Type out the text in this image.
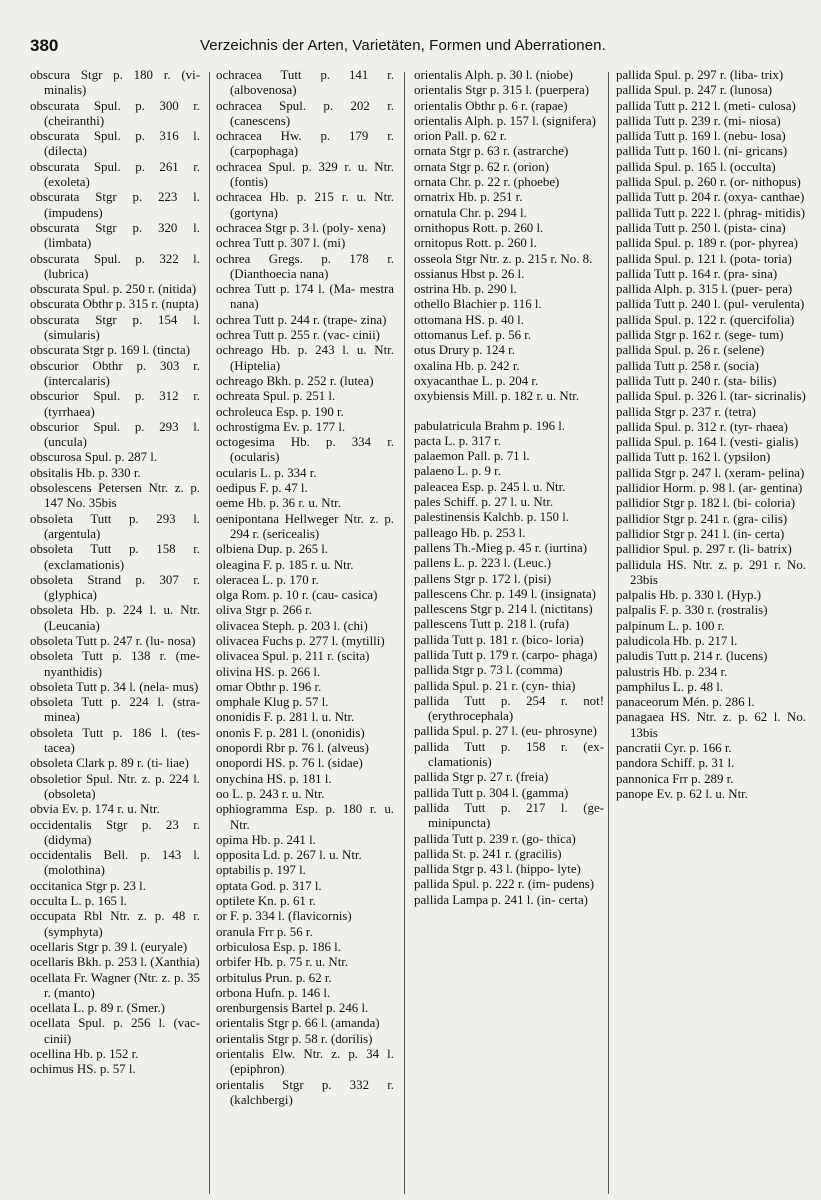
380	Verzeichnis der Arten, Varietäten, Formen und Aberrationen.
obscura Stgr p. 180 r. (vi- minalis)
obscurata Spul. p. 300 r. (cheiranthi)
obscurata Spul. p. 316 l. (dilecta)
obscurata Spul. p. 261 r. (exoleta)
obscurata Stgr p. 223 l. (impudens)
obscurata Stgr p. 320 l. (limbata)
obscurata Spul. p. 322 l. (lubrica)
obscurata Spul. p. 250 r. (nitida)
obscurata Obthr p. 315 r. (nupta)
obscurata Stgr p. 154 l. (simularis)
obscurata Stgr p. 169 l. (tincta)
obscurior Obthr p. 303 r. (intercalaris)
obscurior Spul. p. 312 r. (tyrrhaea)
obscurior Spul. p. 293 l. (uncula)
obscurosa Spul. p. 287 l.
obsitalis Hb. p. 330 r.
obsolescens Petersen Ntr. z. p. 147 No. 35bis
obsoleta Tutt p. 293 l. (argentula)
obsoleta Tutt p. 158 r. (exclamationis)
obsoleta Strand p. 307 r. (glyphica)
obsoleta Hb. p. 224 l. u. Ntr. (Leucania)
obsoleta Tutt p. 247 r. (lu- nosa)
obsoleta Tutt p. 138 r. (me- nyanthidis)
obsoleta Tutt p. 34 l. (nela- mus)
obsoleta Tutt p. 224 l. (stra- minea)
obsoleta Tutt p. 186 l. (tes- tacea)
obsoleta Clark p. 89 r. (ti- liae)
obsoletior Spul. Ntr. z. p. 224 l. (obsoleta)
obvia Ev. p. 174 r. u. Ntr.
occidentalis Stgr p. 23 r. (didyma)
occidentalis Bell. p. 143 l. (molothina)
occitanica Stgr p. 23 l.
occulta L. p. 165 l.
occupata Rbl Ntr. z. p. 48 r. (symphyta)
ocellaris Stgr p. 39 l. (euryale)
ocellaris Bkh. p. 253 l. (Xanthia)
ocellata Fr. Wagner (Ntr. z. p. 35 r. (manto)
ocellata L. p. 89 r. (Smer.)
ocellata Spul. p. 256 l. (vac- cinii)
ocellina Hb. p. 152 r.
ochimus HS. p. 57 l.
ochracea Tutt p. 141 r. (albovenosa)
ochracea Spul. p. 202 r. (canescens)
ochracea Hw. p. 179 r. (carpophaga)
ochracea Spul. p. 329 r. u. Ntr. (fontis)
ochracea Hb. p. 215 r. u. Ntr. (gortyna)
ochracea Stgr p. 3 l. (poly- xena)
ochrea Tutt p. 307 l. (mi)
ochrea Gregs. p. 178 r. (Dianthoecia nana)
ochrea Tutt p. 174 l. (Ma- mestra nana)
ochrea Tutt p. 244 r. (trape- zina)
ochrea Tutt p. 255 r. (vac- cinii)
ochreago Hb. p. 243 l. u. Ntr. (Hiptelia)
ochreago Bkh. p. 252 r. (lutea)
ochreata Spul. p. 251 l.
ochroleuca Esp. p. 190 r.
ochrostigma Ev. p. 177 l.
octogesima Hb. p. 334 r. (ocularis)
ocularis L. p. 334 r.
oedipus F. p. 47 l.
oeme Hb. p. 36 r. u. Ntr.
oenipontana Hellweger Ntr. z. p. 294 r. (sericealis)
olbiena Dup. p. 265 l.
oleagina F. p. 185 r. u. Ntr.
oleracea L. p. 170 r.
olga Rom. p. 10 r. (cau- casica)
oliva Stgr p. 266 r.
olivacea Steph. p. 203 l. (chi)
olivacea Fuchs p. 277 l. (mytilli)
olivacea Spul. p. 211 r. (scita)
olivina HS. p. 266 l.
omar Obthr p. 196 r.
omphale Klug p. 57 l.
ononidis F. p. 281 l. u. Ntr.
ononis F. p. 281 l. (ononidis)
onopordi Rbr p. 76 l. (alveus)
onopordi HS. p. 76 l. (sidae)
onychina HS. p. 181 l.
oo L. p. 243 r. u. Ntr.
ophiogramma Esp. p. 180 r. u. Ntr.
opima Hb. p. 241 l.
opposita Ld. p. 267 l. u. Ntr.
optabilis p. 197 l.
optata God. p. 317 l.
optilete Kn. p. 61 r.
or F. p. 334 l. (flavicornis)
oranula Frr p. 56 r.
orbiculosa Esp. p. 186 l.
orbifer Hb. p. 75 r. u. Ntr.
orbitulus Prun. p. 62 r.
orbona Hufn. p. 146 l.
orenburgensis Bartel p. 246 l.
orientalis Stgr p. 66 l. (amanda)
orientalis Stgr p. 58 r. (dorilis)
orientalis Elw. Ntr. z. p. 34 l. (epiphron)
orientalis Stgr p. 332 r. (kalchbergi)
orientalis Alph. p. 30 l. (niobe)
orientalis Stgr p. 315 l. (puerpera)
orientalis Obthr p. 6 r. (rapae)
orientalis Alph. p. 157 l. (signifera)
orion Pall. p. 62 r.
ornata Stgr p. 63 r. (astrarche)
ornata Stgr p. 62 r. (orion)
ornata Chr. p. 22 r. (phoebe)
ornatrix Hb. p. 251 r.
ornatula Chr. p. 294 l.
ornithopus Rott. p. 260 l.
ornitopus Rott. p. 260 l.
osseola Stgr Ntr. z. p. 215 r. No. 8.
ossianus Hbst p. 26 l.
ostrina Hb. p. 290 l.
othello Blachier p. 116 l.
ottomana HS. p. 40 l.
ottomanus Lef. p. 56 r.
otus Drury p. 124 r.
oxalina Hb. p. 242 r.
oxyacanthae L. p. 204 r.
oxybiensis Mill. p. 182 r. u. Ntr.
pabulatricula Brahm p. 196 l.
pacta L. p. 317 r.
palaemon Pall. p. 71 l.
palaeno L. p. 9 r.
paleacea Esp. p. 245 l. u. Ntr.
pales Schiff. p. 27 l. u. Ntr.
palestinensis Kalchb. p. 150 l.
palleago Hb. p. 253 l.
pallens Th.-Mieg p. 45 r. (iurtina)
pallens L. p. 223 l. (Leuc.)
pallens Stgr p. 172 l. (pisi)
pallescens Chr. p. 149 l. (insignata)
pallescens Stgr p. 214 l. (nictitans)
pallescens Tutt p. 218 l. (rufa)
pallida Tutt p. 181 r. (bico- loria)
pallida Tutt p. 179 r. (carpo- phaga)
pallida Stgr p. 73 l. (comma)
pallida Spul. p. 21 r. (cyn- thia)
pallida Tutt p. 254 r. not! (erythrocephala)
pallida Spul. p. 27 l. (eu- phrosyne)
pallida Tutt p. 158 r. (ex- clamationis)
pallida Stgr p. 27 r. (freia)
pallida Tutt p. 304 l. (gamma)
pallida Tutt p. 217 l. (ge- minipuncta)
pallida Tutt p. 239 r. (go- thica)
pallida St. p. 241 r. (gracilis)
pallida Stgr p. 43 l. (hippo- lyte)
pallida Spul. p. 222 r. (im- pudens)
pallida Lampa p. 241 l. (in- certa)
pallida Spul. p. 297 r. (liba- trix)
pallida Spul. p. 247 r. (lunosa)
pallida Tutt p. 212 l. (meti- culosa)
pallida Tutt p. 239 r. (mi- niosa)
pallida Tutt p. 169 l. (nebu- losa)
pallida Tutt p. 160 l. (ni- gricans)
pallida Spul. p. 165 l. (occulta)
pallida Spul. p. 260 r. (or- nithopus)
pallida Tutt p. 204 r. (oxya- canthae)
pallida Tutt p. 222 l. (phrag- mitidis)
pallida Tutt p. 250 l. (pista- cina)
pallida Spul. p. 189 r. (por- phyrea)
pallida Spul. p. 121 l. (pota- toria)
pallida Tutt p. 164 r. (pra- sina)
pallida Alph. p. 315 l. (puer- pera)
pallida Tutt p. 240 l. (pul- verulenta)
pallida Spul. p. 122 r. (quercifolia)
pallida Stgr p. 162 r. (sege- tum)
pallida Spul. p. 26 r. (selene)
pallida Tutt p. 258 r. (socia)
pallida Tutt p. 240 r. (sta- bilis)
pallida Spul. p. 326 l. (tar- sicrinalis)
pallida Stgr p. 237 r. (tetra)
pallida Spul. p. 312 r. (tyr- rhaea)
pallida Spul. p. 164 l. (vesti- gialis)
pallida Tutt p. 162 l. (ypsilon)
pallida Stgr p. 247 l. (xeram- pelina)
pallidior Horm. p. 98 l. (ar- gentina)
pallidior Stgr p. 182 l. (bi- coloria)
pallidior Stgr p. 241 r. (gra- cilis)
pallidior Stgr p. 241 l. (in- certa)
pallidior Spul. p. 297 r. (li- batrix)
pallidula HS. Ntr. z. p. 291 r. No. 23bis
palpalis Hb. p. 330 l. (Hyp.)
palpalis F. p. 330 r. (rostralis)
palpinum L. p. 100 r.
paludicola Hb. p. 217 l.
paludis Tutt p. 214 r. (lucens)
palustris Hb. p. 234 r.
pamphilus L. p. 48 l.
panaceorum Mén. p. 286 l.
panagaea HS. Ntr. z. p. 62 l. No. 13bis
pancratii Cyr. p. 166 r.
pandora Schiff. p. 31 l.
pannonica Frr p. 289 r.
panope Ev. p. 62 l. u. Ntr.
